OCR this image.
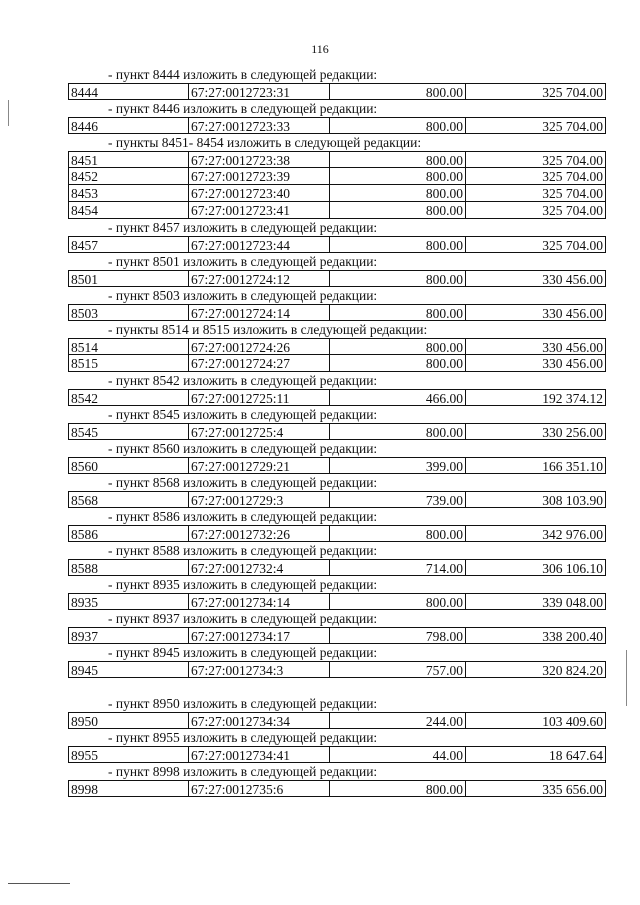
116
- пункт 8444 изложить в следующей редакции:
8444	67:27:0012723:31	800.00	325 704.00
- пункт 8446 изложить в следующей редакции:
8446	67:27:0012723:33	800.00	325 704.00
- пункты 8451- 8454 изложить в следующей редакции:
8451	67:27:0012723:38	800.00	325 704.00
8452	67:27:0012723:39	800.00	325 704.00
8453	67:27:0012723:40	800.00	325 704.00
8454	67:27:0012723:41	800.00	325 704.00
- пункт 8457 изложить в следующей редакции:
8457	67:27:0012723:44	800.00	325 704.00
- пункт 8501 изложить в следующей редакции:
8501	67:27:0012724:12	800.00	330 456.00
- пункт 8503 изложить в следующей редакции:
8503	67:27:0012724:14	800.00	330 456.00
- пункты 8514 и 8515 изложить в следующей редакции:
8514	67:27:0012724:26	800.00	330 456.00
8515	67:27:0012724:27	800.00	330 456.00
- пункт 8542 изложить в следующей редакции:
8542	67:27:0012725:11	466.00	192 374.12
- пункт 8545 изложить в следующей редакции:
8545	67:27:0012725:4	800.00	330 256.00
- пункт 8560 изложить в следующей редакции:
8560	67:27:0012729:21	399.00	166 351.10
- пункт 8568 изложить в следующей редакции:
8568	67:27:0012729:3	739.00	308 103.90
- пункт 8586 изложить в следующей редакции:
8586	67:27:0012732:26	800.00	342 976.00
- пункт 8588 изложить в следующей редакции:
8588	67:27:0012732:4	714.00	306 106.10
- пункт 8935 изложить в следующей редакции:
8935	67:27:0012734:14	800.00	339 048.00
- пункт 8937 изложить в следующей редакции:
8937	67:27:0012734:17	798.00	338 200.40
- пункт 8945 изложить в следующей редакции:
8945	67:27:0012734:3	757.00	320 824.20
- пункт 8950 изложить в следующей редакции:
8950	67:27:0012734:34	244.00	103 409.60
- пункт 8955 изложить в следующей редакции:
8955	67:27:0012734:41	44.00	18 647.64
- пункт 8998 изложить в следующей редакции:
8998	67:27:0012735:6	800.00	335 656.00
